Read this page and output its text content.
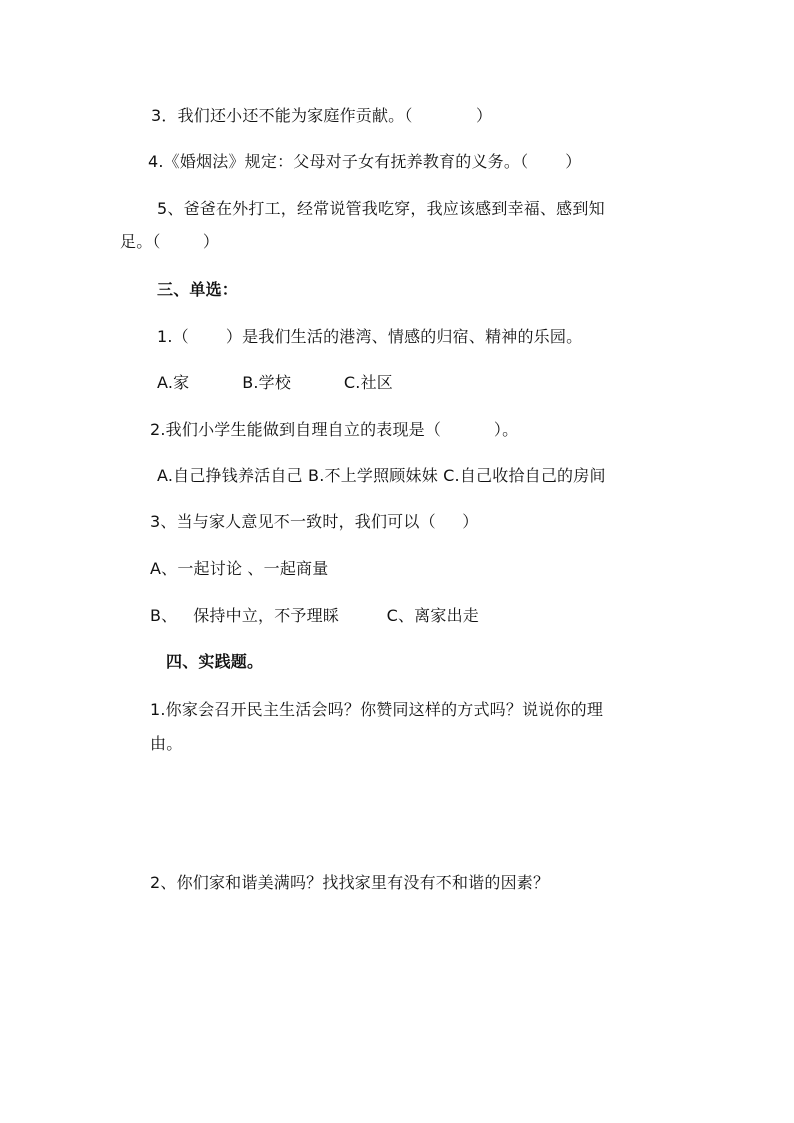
3．我们还小还不能为家庭作贡献。（            ）
4.《婚烟法》规定：父母对子女有抚养教育的义务。（       ）
5、爸爸在外打工，经常说管我吃穿，我应该感到幸福、感到知
足。（        ）
三、单选：
1.（       ）是我们生活的港湾、情感的归宿、精神的乐园。
A.家          B.学校          C.社区
2.我们小学生能做到自理自立的表现是（          ）。
A.自己挣钱养活自己 B.不上学照顾妹妹 C.自己收拾自己的房间
3、当与家人意见不一致时，我们可以（     ）
A、一起讨论 、一起商量
B、   保持中立，不予理睬         C、离家出走
四、实践题。
1.你家会召开民主生活会吗？你赞同这样的方式吗？说说你的理
由。
2、你们家和谐美满吗？找找家里有没有不和谐的因素？
